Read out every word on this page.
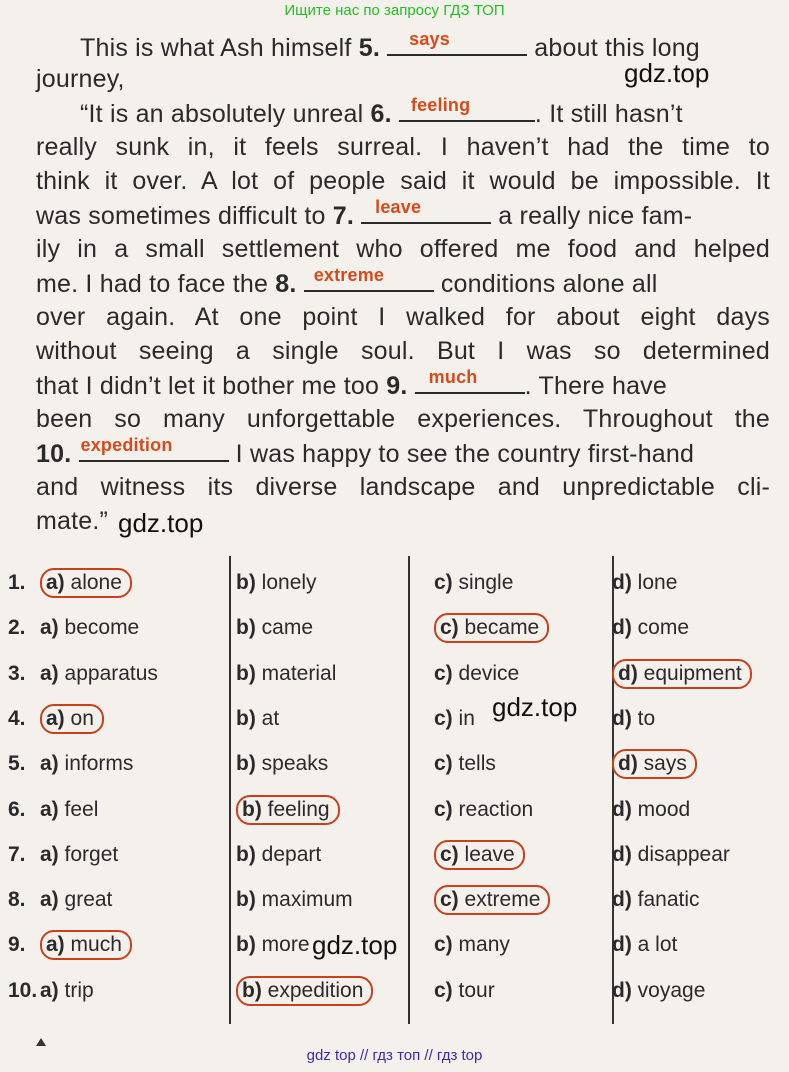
Ищите нас по запросу ГДЗ ТОП
This is what Ash himself 5. says	about this long
journey,
“It is an absolutely unreal 6. feeling	. It still hasn’t
really sunk in, it feels surreal. I haven’t had the time to
think it over. A lot of people said it would be impossible. It
was sometimes difficult to 7. leave	a really nice fam-
ily in a small settlement who offered me food and helped
me. I had to face the 8. extreme conditions alone all
over again. At one point I walked for about eight days
without seeing a single soul. But I was so determined
that I didn’t let it bother me too 9. much . There have
been so many unforgettable experiences. Throughout the
10. expedition	I was happy to see the country first-hand
and witness its diverse landscape and unpredictable cli-
mate.”
gdz.top
gdz.top
gdz.top
gdz.top
1. a) alone	b) lonely	c) single	d) lone
2. a) become	b) came	c) became	d) come
3. a) apparatus	b) material	c) device	d) equipment
4. a) on	b) at	c) in	d) to
5. a) informs	b) speaks	c) tells	d) says
6. a) feel	b) feeling	c) reaction	d) mood
7. a) forget	b) depart	c) leave	d) disappear
8. a) great	b) maximum	c) extreme	d) fanatic
9. a) much	b) more	c) many	d) a lot
10. a) trip	b) expedition	c) tour	d) voyage
gdz top // гдз топ // гдз top
